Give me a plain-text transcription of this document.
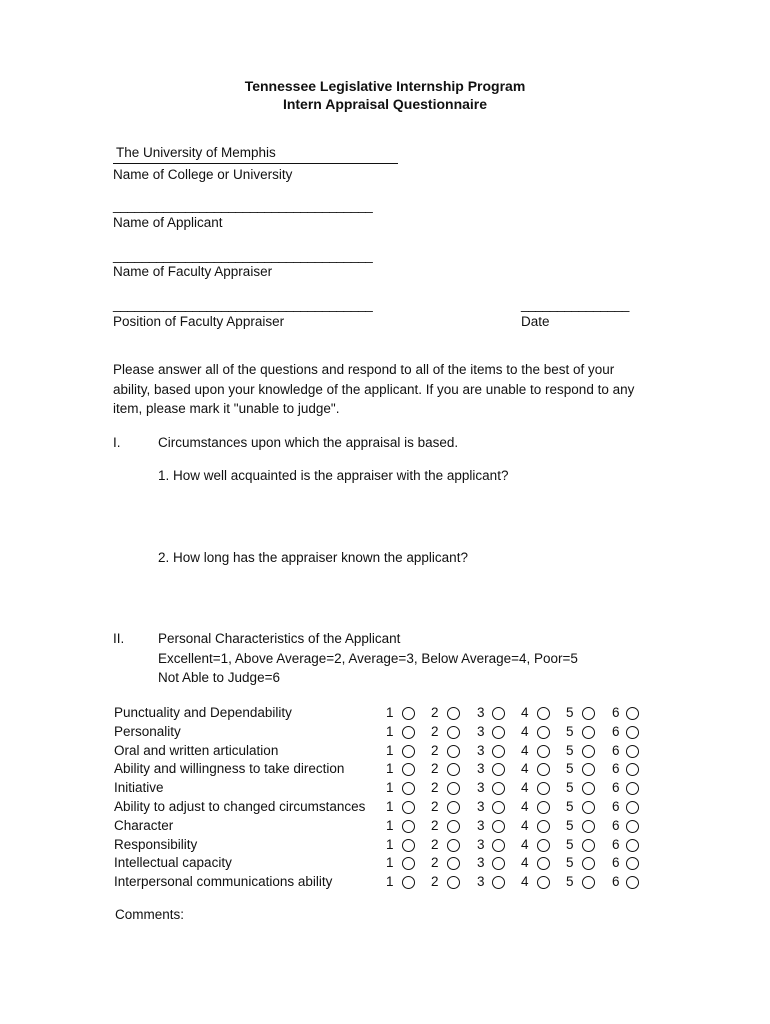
Tennessee Legislative Internship Program
Intern Appraisal Questionnaire
The University of Memphis
Name of College or University
____________________________________
Name of Applicant
____________________________________
Name of Faculty Appraiser
____________________________________
Position of Faculty Appraiser
_______________
Date
Please answer all of the questions and respond to all of the items to the best of your
ability, based upon your knowledge of the applicant. If you are unable to respond to any
item, please mark it "unable to judge".
I.	Circumstances upon which the appraisal is based.
1. How well acquainted is the appraiser with the applicant?
2. How long has the appraiser known the applicant?
II. Personal Characteristics of the Applicant
Excellent=1, Above Average=2, Average=3, Below Average=4, Poor=5
Not Able to Judge=6
Punctuality and Dependability	1	2	3	4	5	6
Personality	1	2	3	4	5	6
Oral and written articulation	1	2	3	4	5	6
Ability and willingness to take direction	1	2	3	4	5	6
Initiative	1	2	3	4	5	6
Ability to adjust to changed circumstances 1	2	3	4	5	6
Character	1	2	3	4	5	6
Responsibility	1	2	3	4	5	6
Intellectual capacity	1	2	3	4	5	6
Interpersonal communications ability	1	2	3	4	5	6
Comments:
